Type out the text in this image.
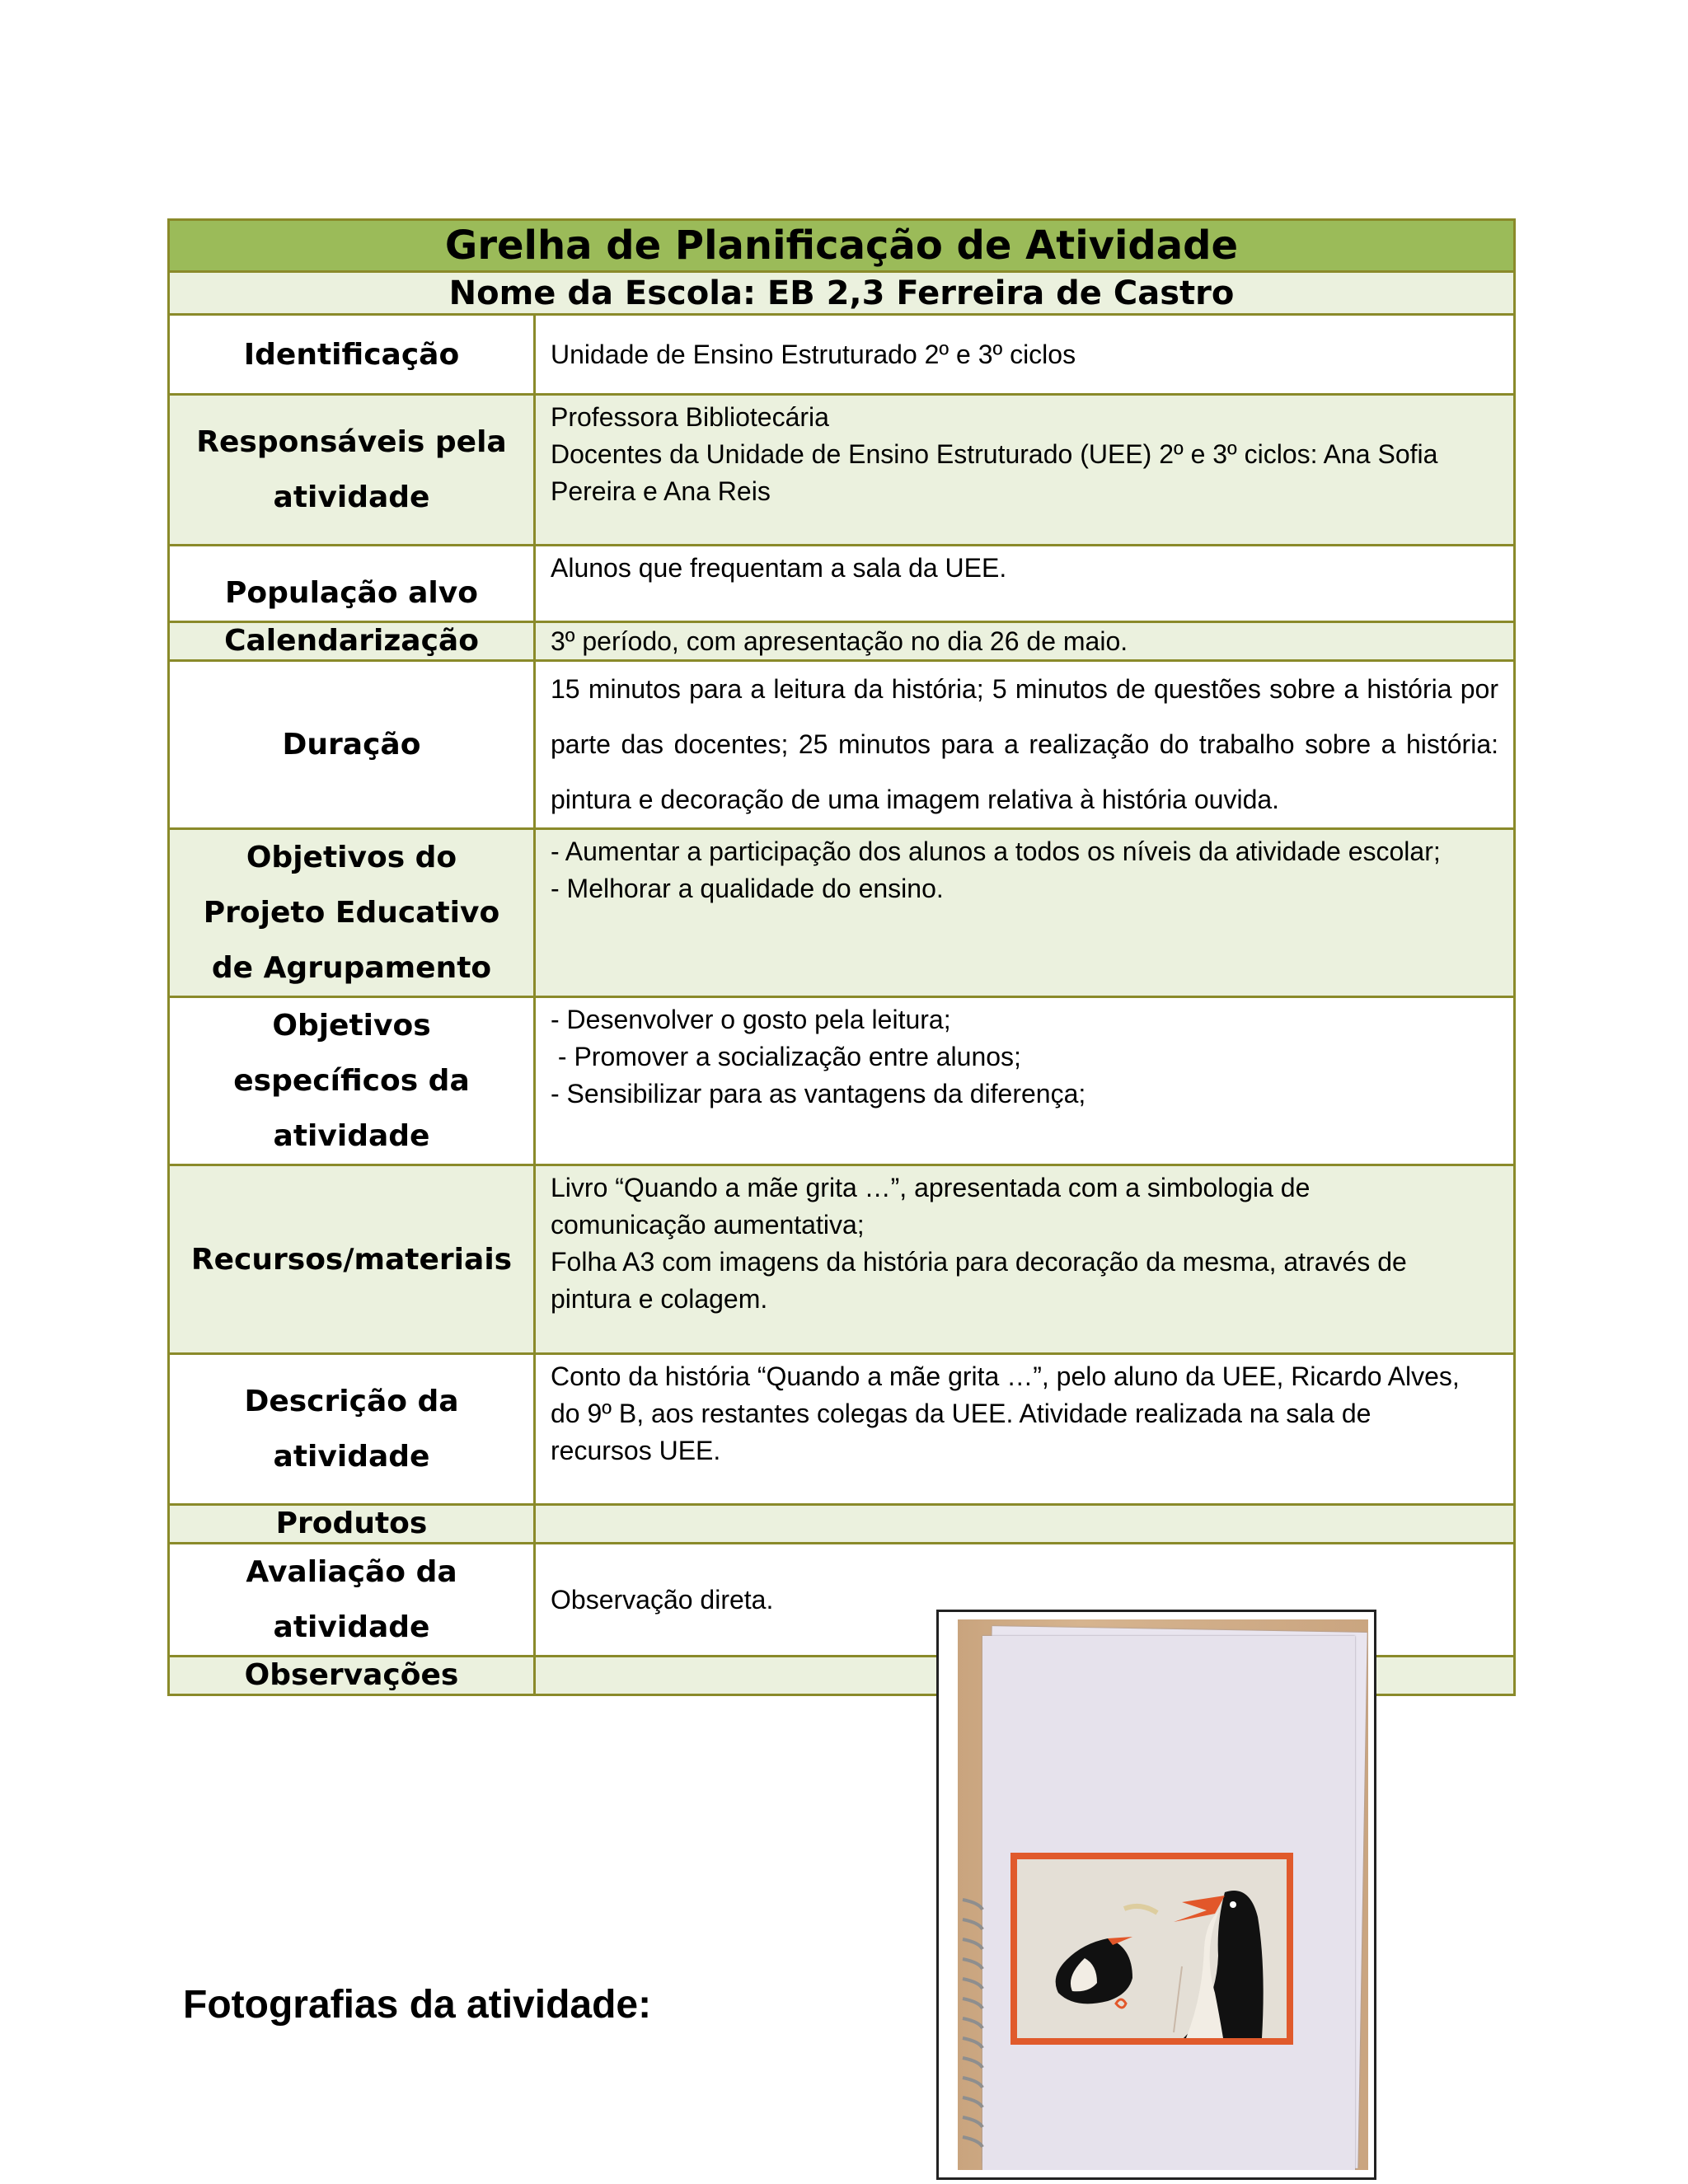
Grelha de Planificação de Atividade	
Nome da Escola: EB 2,3 Ferreira de Castro	
Identificação	Unidade de Ensino Estruturado 2º e 3º ciclos

Responsáveis pela
atividade	Professora Bibliotecária
Docentes da Unidade de Ensino Estruturado (UEE) 2º e 3º ciclos: Ana Sofia
Pereira e Ana Reis

População alvo	Alunos que frequentam a sala da UEE.

Calendarização	3º período, com apresentação no dia 26 de maio.

Duração	15 minutos para a leitura da história; 5 minutos de questões sobre a história por parte das docentes; 25 minutos para a realização do trabalho sobre a história: pintura e decoração de uma imagem relativa à história ouvida.

Objetivos do
Projeto Educativo
de Agrupamento	- Aumentar a participação dos alunos a todos os níveis da atividade escolar;
- Melhorar a qualidade do ensino.

Objetivos
específicos da
atividade	- Desenvolver o gosto pela leitura;
- Promover a socialização entre alunos;
- Sensibilizar para as vantagens da diferença;

Recursos/materiais	Livro “Quando a mãe grita …”, apresentada com a simbologia de
comunicação aumentativa;
Folha A3 com imagens da história para decoração da mesma, através de
pintura e colagem.

Descrição da
atividade	Conto da história “Quando a mãe grita …”, pelo aluno da UEE, Ricardo Alves,
do 9º B, aos restantes colegas da UEE. Atividade realizada na sala de
recursos UEE.

Produtos	

Avaliação da
atividade	Observação direta.
Observações	
Fotografias da atividade:
